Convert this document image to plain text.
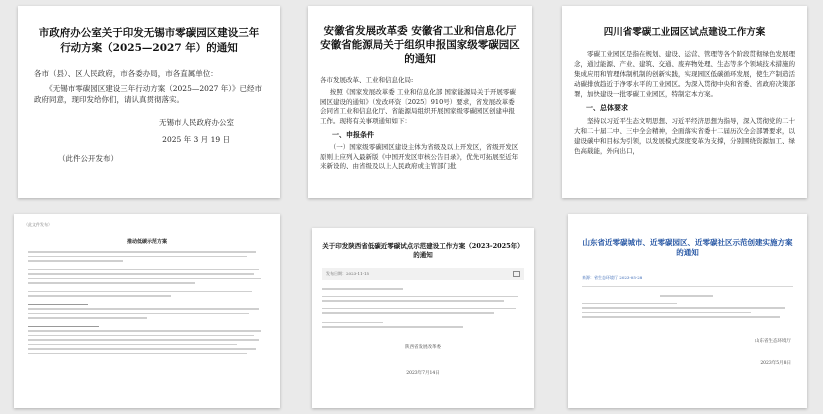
市政府办公室关于印发无锡市零碳园区建设三年行动方案（2025—2027 年）的通知
各市（县）、区人民政府，市各委办局，市各直属单位：
《无锡市零碳园区建设三年行动方案（2025—2027 年）》已经市政府同意，现印发给你们，请认真贯彻落实。
无锡市人民政府办公室
2025 年 3 月 19 日
（此件公开发布）
安徽省发展改革委 安徽省工业和信息化厅 安徽省能源局关于组织申报国家级零碳园区的通知
各市发展改革、工业和信息化局:
按照《国家发展改革委 工业和信息化部 国家能源局关于开展零碳园区建设的通知》（发改环资〔2025〕910号）要求，省发展改革委会同省工业和信息化厅、省能源局组织开展国家级零碳园区创建申报工作。现将有关事项通知如下：
一、申报条件
（一）国家级零碳园区建设主体为省级及以上开发区，省级开发区原则上应列入最新版《中国开发区审核公告目录》，优先可拓展至近年来新设的、由省级及以上人民政府或主管部门批
四川省零碳工业园区试点建设工作方案
零碳工业园区是指在规划、建设、运营、管理等各个阶段贯彻绿色发展理念，通过能源、产业、建筑、交通、废弃物处理、生态等多个领域技术措施的集成应用和管理体制机制的创新实践，实现园区低碳循环发展，使生产制造活动碳排放趋近于净零水平的工业园区。为深入贯彻中央和省委、省政府决策部署，加快建设一批零碳工业园区，特制定本方案。
一、总体要求
坚持以习近平生态文明思想、习近平经济思想为指导，深入贯彻党的二十大和二十届二中、三中全会精神，全面落实省委十二届历次全会部署要求，以建设碳中和目标为引领，以发展模式深度变革为支撑，分别围绕资源加工、绿色高载能，外向出口，
（此文件发布）
推动低碳示范方案	关于印发陕西省低碳近零碳试点示范建设工作方案（2023-2025年）的通知
发布日期：2023-11-15
陕西省发展改革委
2023年7月14日
山东省近零碳城市、近零碳园区、近零碳社区示范创建实施方案的通知
来源：省生态环境厅 2023-05-28
山东省生态环境厅
2023年5月8日
